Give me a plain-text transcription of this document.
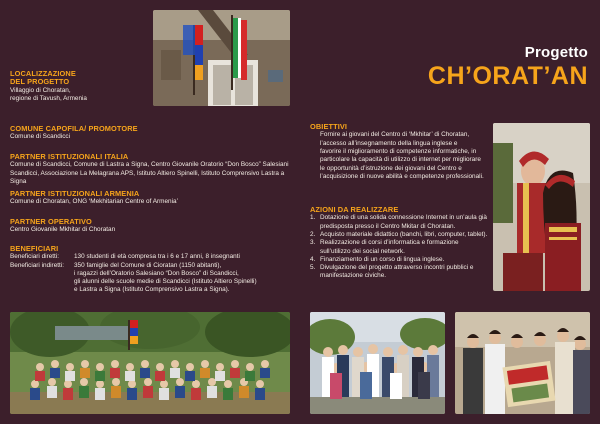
Progetto
CH’ORAT’AN
LOCALIZZAZIONE
DEL PROGETTO
Villaggio di Choratan,
regione di Tavush, Armenia
COMUNE CAPOFILA/ PROMOTORE
Comune di Scandicci
PARTNER ISTITUZIONALI ITALIA
Comune di Scandicci, Comune di Lastra a Signa, Centro Giovanile Oratorio “Don Bosco” Salesiani
Scandicci, Associazione La Melagrana APS, Istituto Altiero Spinelli, Istituto Comprensivo Lastra a Signa
PARTNER ISTITUZIONALI ARMENIA
Comune di Choratan, ONG ‘Mekhitarian Centre of Armenia’
PARTNER OPERATIVO
Centro Giovanile Mkhitar di Choratan
BENEFICIARI
Beneficiari diretti:	130 studenti di età compresa tra i 6 e 17 anni, 8 insegnanti
Beneficiari indiretti:	350 famiglie del Comune di Cioratan (1150 abitanti),
i ragazzi dell’Oratorio Salesiano “Don Bosco” di Scandicci,
gli alunni delle scuole medie di Scandicci (Istituto Altiero Spinelli)
e Lastra a Signa (Istituto Comprensivo Lastra a Signa).
OBIETTIVI
Fornire ai giovani del Centro di ‘Mkhitar’ di Choratan,
l’accesso all’insegnamento della lingua inglese e
favorire il miglioramento di competenze informatiche, in
particolare la capacità di utilizzo di internet per migliorare
le opportunità d’istruzione dei giovani del Centro e
l’acquisizione di nuove abilità e competenze professionali.
AZIONI DA REALIZZARE
1. Dotazione di una solida connessione Internet in un’aula già
predisposta presso il Centro Mkitar di Choratan.
2. Acquisto materiale didattico (banchi, libri, computer, tablet).
3. Realizzazione di corsi d’informatica e formazione
sull’utilizzo dei social network.
4. Finanziamento di un corso di lingua inglese.
5. Divulgazione del progetto attraverso incontri pubblici e
manifestazione civiche.
